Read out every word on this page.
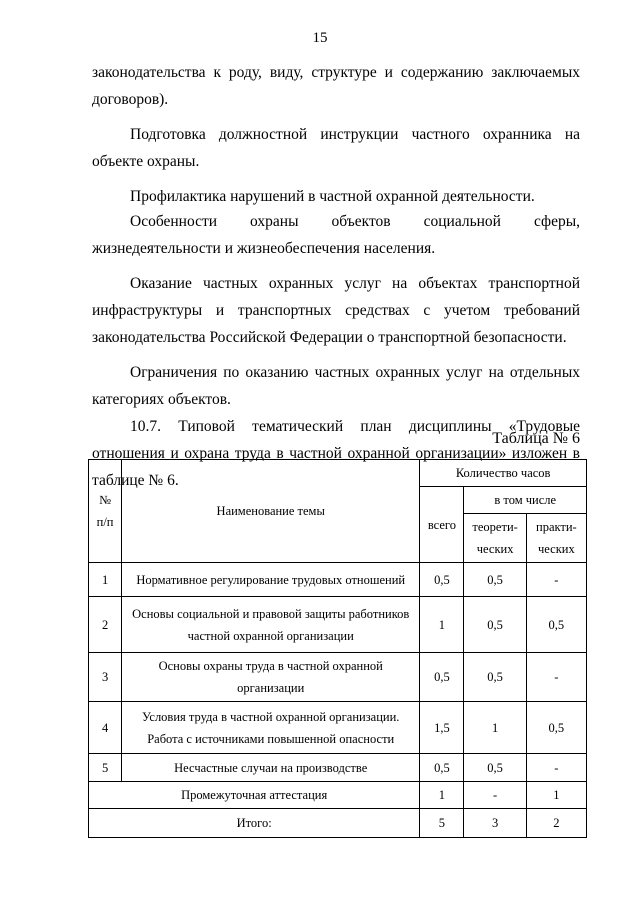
15

законодательства к роду, виду, структуре и содержанию заключаемых договоров).

Подготовка должностной инструкции частного охранника на объекте охраны.

Профилактика нарушений в частной охранной деятельности.

Особенности охраны объектов социальной сферы, жизнедеятельности и жизнеобеспечения населения.

Оказание частных охранных услуг на объектах транспортной инфраструктуры и транспортных средствах с учетом требований законодательства Российской Федерации о транспортной безопасности.

Ограничения по оказанию частных охранных услуг на отдельных категориях объектов.

10.7. Типовой тематический план дисциплины «Трудовые отношения и охрана труда в частной охранной организации» изложен в таблице № 6.

Таблица № 6
№ п/п	Наименование темы	Количество часов		
		всего	в том числе	
			теорети-ческих	практи-ческих
1	Нормативное регулирование трудовых отношений	0,5	0,5	-
2	Основы социальной и правовой защиты работников частной охранной организации	1	0,5	0,5
3	Основы охраны труда в частной охранной организации	0,5	0,5	-
4	Условия труда в частной охранной организации. Работа с источниками повышенной опасности	1,5	1	0,5
5	Несчастные случаи на производстве	0,5	0,5	-
Промежуточная аттестация		1	-	1
Итого:		5	3	2
